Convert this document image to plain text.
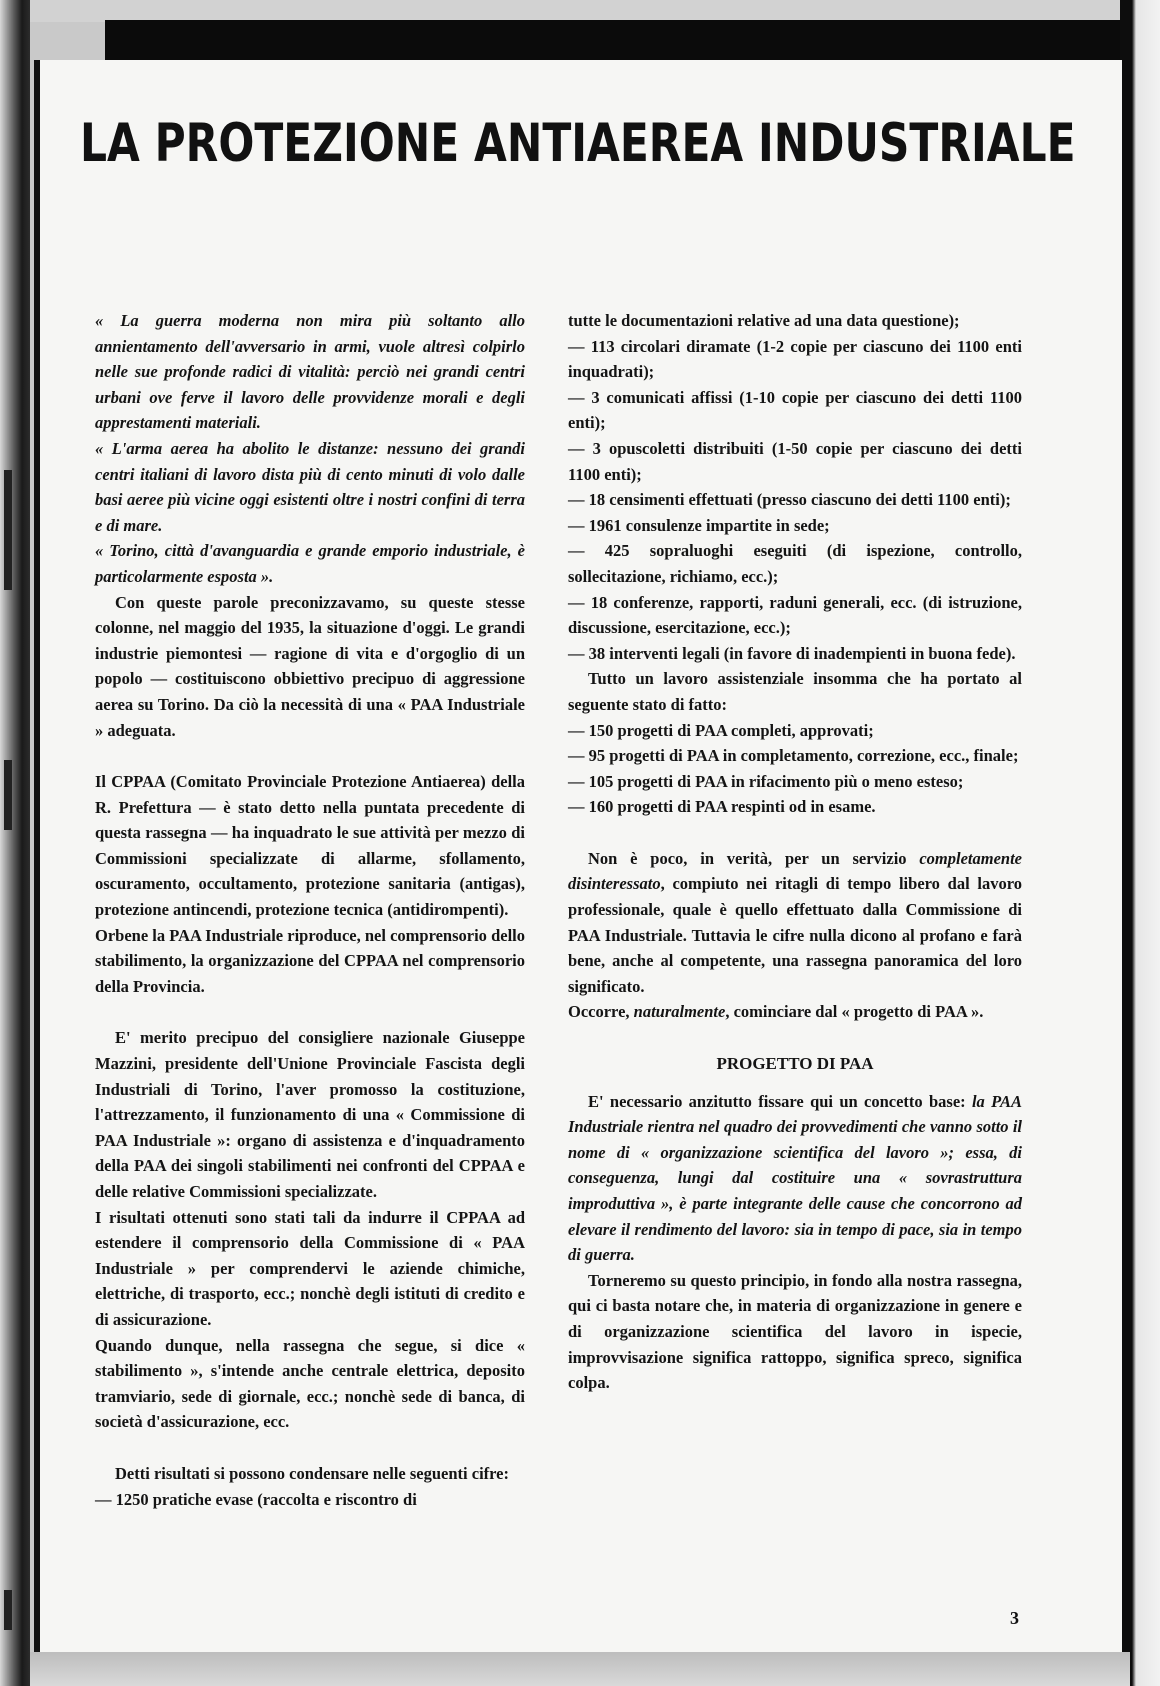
LA PROTEZIONE ANTIAEREA INDUSTRIALE

« La guerra moderna non mira più soltanto allo annientamento dell'avversario in armi, vuole altresì colpirlo nelle sue profonde radici di vitalità: perciò nei grandi centri urbani ove ferve il lavoro delle provvidenze morali e degli apprestamenti materiali.

« L'arma aerea ha abolito le distanze: nessuno dei grandi centri italiani di lavoro dista più di cento minuti di volo dalle basi aeree più vicine oggi esistenti oltre i nostri confini di terra e di mare.

« Torino, città d'avanguardia e grande emporio industriale, è particolarmente esposta ».

Con queste parole preconizzavamo, su queste stesse colonne, nel maggio del 1935, la situazione d'oggi. Le grandi industrie piemontesi — ragione di vita e d'orgoglio di un popolo — costituiscono obbiettivo precipuo di aggressione aerea su Torino. Da ciò la necessità di una « PAA Industriale » adeguata.

Il CPPAA (Comitato Provinciale Protezione Antiaerea) della R. Prefettura — è stato detto nella puntata precedente di questa rassegna — ha inquadrato le sue attività per mezzo di Commissioni specializzate di allarme, sfollamento, oscuramento, occultamento, protezione sanitaria (antigas), protezione antincendi, protezione tecnica (antidirompenti).

Orbene la PAA Industriale riproduce, nel comprensorio dello stabilimento, la organizzazione del CPPAA nel comprensorio della Provincia.

E' merito precipuo del consigliere nazionale Giuseppe Mazzini, presidente dell'Unione Provinciale Fascista degli Industriali di Torino, l'aver promosso la costituzione, l'attrezzamento, il funzionamento di una « Commissione di PAA Industriale »: organo di assistenza e d'inquadramento della PAA dei singoli stabilimenti nei confronti del CPPAA e delle relative Commissioni specializzate.

I risultati ottenuti sono stati tali da indurre il CPPAA ad estendere il comprensorio della Commissione di « PAA Industriale » per comprendervi le aziende chimiche, elettriche, di trasporto, ecc.; nonchè degli istituti di credito e di assicurazione.

Quando dunque, nella rassegna che segue, si dice « stabilimento », s'intende anche centrale elettrica, deposito tramviario, sede di giornale, ecc.; nonchè sede di banca, di società d'assicurazione, ecc.

Detti risultati si possono condensare nelle seguenti cifre:

— 1250 pratiche evase (raccolta e riscontro di

tutte le documentazioni relative ad una data questione);

— 113 circolari diramate (1-2 copie per ciascuno dei 1100 enti inquadrati);

— 3 comunicati affissi (1-10 copie per ciascuno dei detti 1100 enti);

— 3 opuscoletti distribuiti (1-50 copie per ciascuno dei detti 1100 enti);

— 18 censimenti effettuati (presso ciascuno dei detti 1100 enti);

— 1961 consulenze impartite in sede;

— 425 sopraluoghi eseguiti (di ispezione, controllo, sollecitazione, richiamo, ecc.);

— 18 conferenze, rapporti, raduni generali, ecc. (di istruzione, discussione, esercitazione, ecc.);

— 38 interventi legali (in favore di inadempienti in buona fede).

Tutto un lavoro assistenziale insomma che ha portato al seguente stato di fatto:

— 150 progetti di PAA completi, approvati;

— 95 progetti di PAA in completamento, correzione, ecc., finale;

— 105 progetti di PAA in rifacimento più o meno esteso;

— 160 progetti di PAA respinti od in esame.

Non è poco, in verità, per un servizio completamente disinteressato, compiuto nei ritagli di tempo libero dal lavoro professionale, quale è quello effettuato dalla Commissione di PAA Industriale. Tuttavia le cifre nulla dicono al profano e farà bene, anche al competente, una rassegna panoramica del loro significato.

Occorre, naturalmente, cominciare dal « progetto di PAA ».

PROGETTO DI PAA

E' necessario anzitutto fissare qui un concetto base: la PAA Industriale rientra nel quadro dei provvedimenti che vanno sotto il nome di « organizzazione scientifica del lavoro »; essa, di conseguenza, lungi dal costituire una « sovrastruttura improduttiva », è parte integrante delle cause che concorrono ad elevare il rendimento del lavoro: sia in tempo di pace, sia in tempo di guerra.

Torneremo su questo principio, in fondo alla nostra rassegna, qui ci basta notare che, in materia di organizzazione in genere e di organizzazione scientifica del lavoro in ispecie, improvvisazione significa rattoppo, significa spreco, significa colpa.

3
